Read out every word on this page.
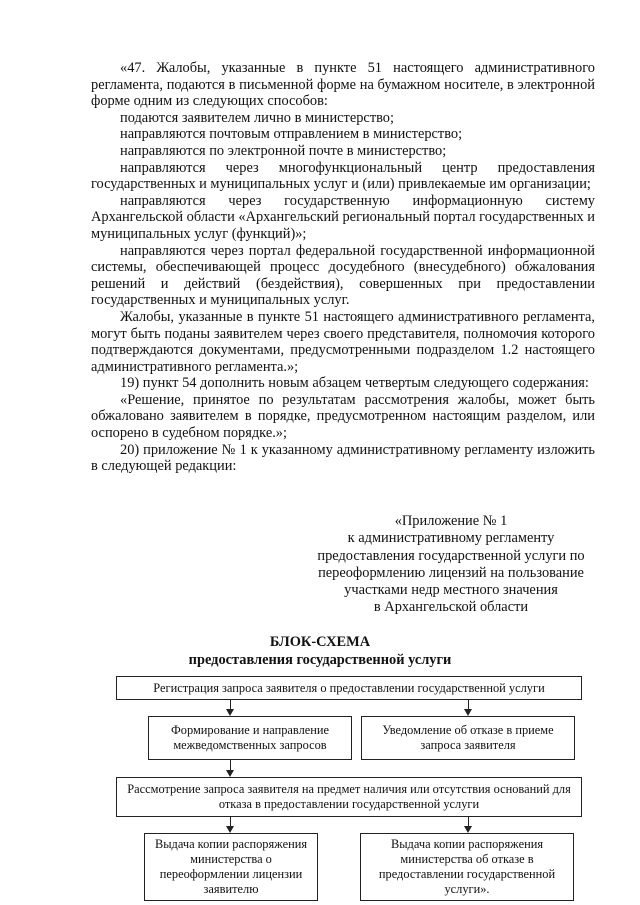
«47. Жалобы, указанные в пункте 51 настоящего административного регламента, подаются в письменной форме на бумажном носителе, в электронной форме одним из следующих способов:

подаются заявителем лично в министерство;

направляются почтовым отправлением в министерство;

направляются по электронной почте в министерство;

направляются через многофункциональный центр предоставления государственных и муниципальных услуг и (или) привлекаемые им организации;

направляются через государственную информационную систему Архангельской области «Архангельский региональный портал государственных и муниципальных услуг (функций)»;

направляются через портал федеральной государственной информационной системы, обеспечивающей процесс досудебного (внесудебного) обжалования решений и действий (бездействия), совершенных при предоставлении государственных и муниципальных услуг.

Жалобы, указанные в пункте 51 настоящего административного регламента, могут быть поданы заявителем через своего представителя, полномочия которого подтверждаются документами, предусмотренными подразделом 1.2 настоящего административного регламента.»;

19) пункт 54 дополнить новым абзацем четвертым следующего содержания:

«Решение, принятое по результатам рассмотрения жалобы, может быть обжаловано заявителем в порядке, предусмотренном настоящим разделом, или оспорено в судебном порядке.»;

20) приложение № 1 к указанному административному регламенту изложить в следующей редакции:

«Приложение № 1
к административному регламенту
предоставления государственной услуги по
переоформлению лицензий на пользование
участками недр местного значения
в Архангельской области
БЛОК-СХЕМА
предоставления государственной услуги
Регистрация запроса заявителя о предоставлении государственной услуги
Формирование и направление межведомственных запросов
Уведомление об отказе в приеме запроса заявителя
Рассмотрение запроса заявителя на предмет наличия или отсутствия оснований для отказа в предоставлении государственной услуги
Выдача копии распоряжения министерства о переоформлении лицензии заявителю
Выдача копии распоряжения министерства об отказе в предоставлении государственной услуги».
